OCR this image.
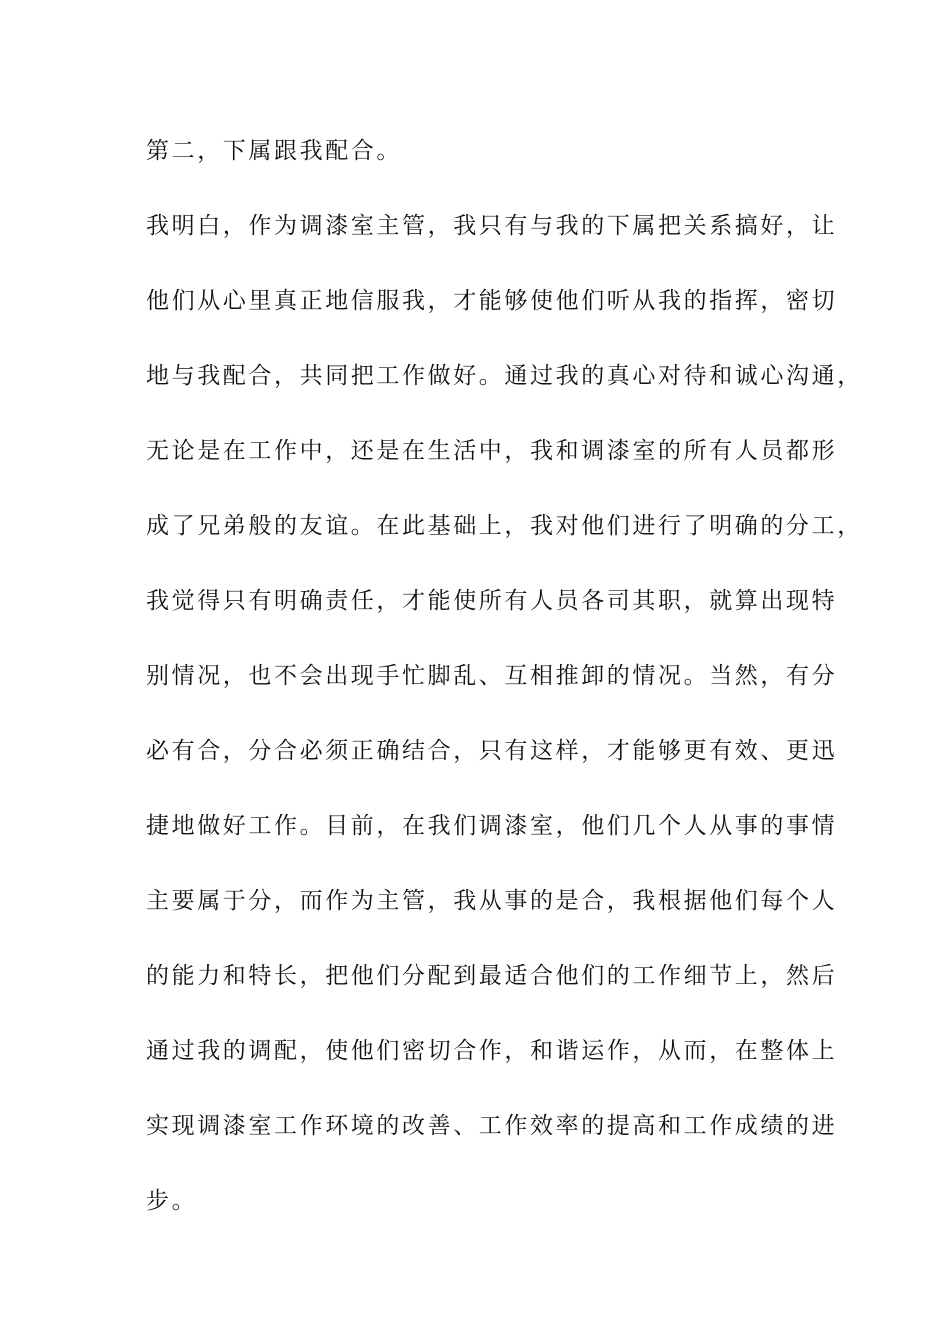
第二，下属跟我配合。
我明白，作为调漆室主管，我只有与我的下属把关系搞好，让
他们从心里真正地信服我，才能够使他们听从我的指挥，密切
地与我配合，共同把工作做好。通过我的真心对待和诚心沟通，
无论是在工作中，还是在生活中，我和调漆室的所有人员都形
成了兄弟般的友谊。在此基础上，我对他们进行了明确的分工，
我觉得只有明确责任，才能使所有人员各司其职，就算出现特
别情况，也不会出现手忙脚乱、互相推卸的情况。当然，有分
必有合，分合必须正确结合，只有这样，才能够更有效、更迅
捷地做好工作。目前，在我们调漆室，他们几个人从事的事情
主要属于分，而作为主管，我从事的是合，我根据他们每个人
的能力和特长，把他们分配到最适合他们的工作细节上，然后
通过我的调配，使他们密切合作，和谐运作，从而，在整体上
实现调漆室工作环境的改善、工作效率的提高和工作成绩的进
步。
